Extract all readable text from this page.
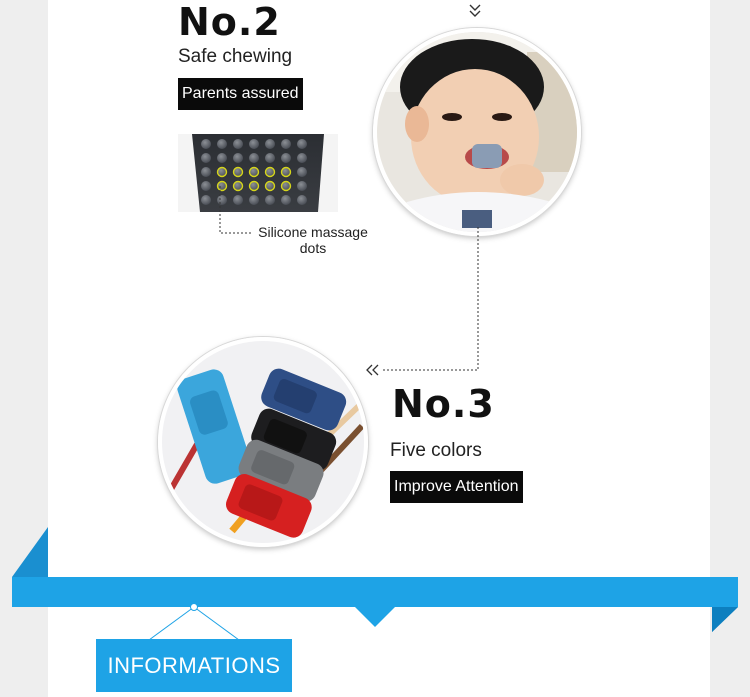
No.2
Safe chewing
Parents assured
Silicone massage
dots
No.3
Five colors
Improve Attention
INFORMATIONS
